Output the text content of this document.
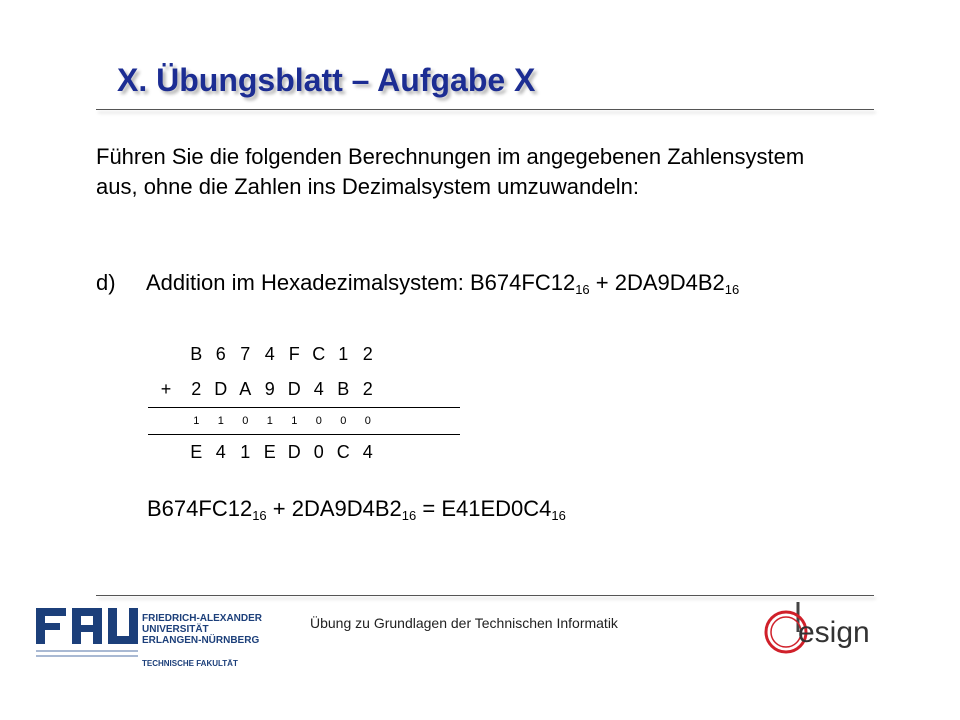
X. Übungsblatt – Aufgabe X
Führen Sie die folgenden Berechnungen im angegebenen Zahlensystem aus, ohne die Zahlen ins Dezimalsystem umzuwandeln:
d) Addition im Hexadezimalsystem: $B674FC12_{16} + 2DA9D4B2_{16}$
B 6 7 4 F C 1 2
+	2 D A 9 D 4 B 2
1	1	0	1	1	0	0	0
E 4 1 E D 0 C 4
$B674FC12_{16} + 2DA9D4B2_{16} = E41ED0C4_{16}$
FRIEDRICH-ALEXANDER
UNIVERSITÄT
ERLANGEN-NÜRNBERG
TECHNISCHE FAKULTÄT
Übung zu Grundlagen der Technischen Informatik	esign
